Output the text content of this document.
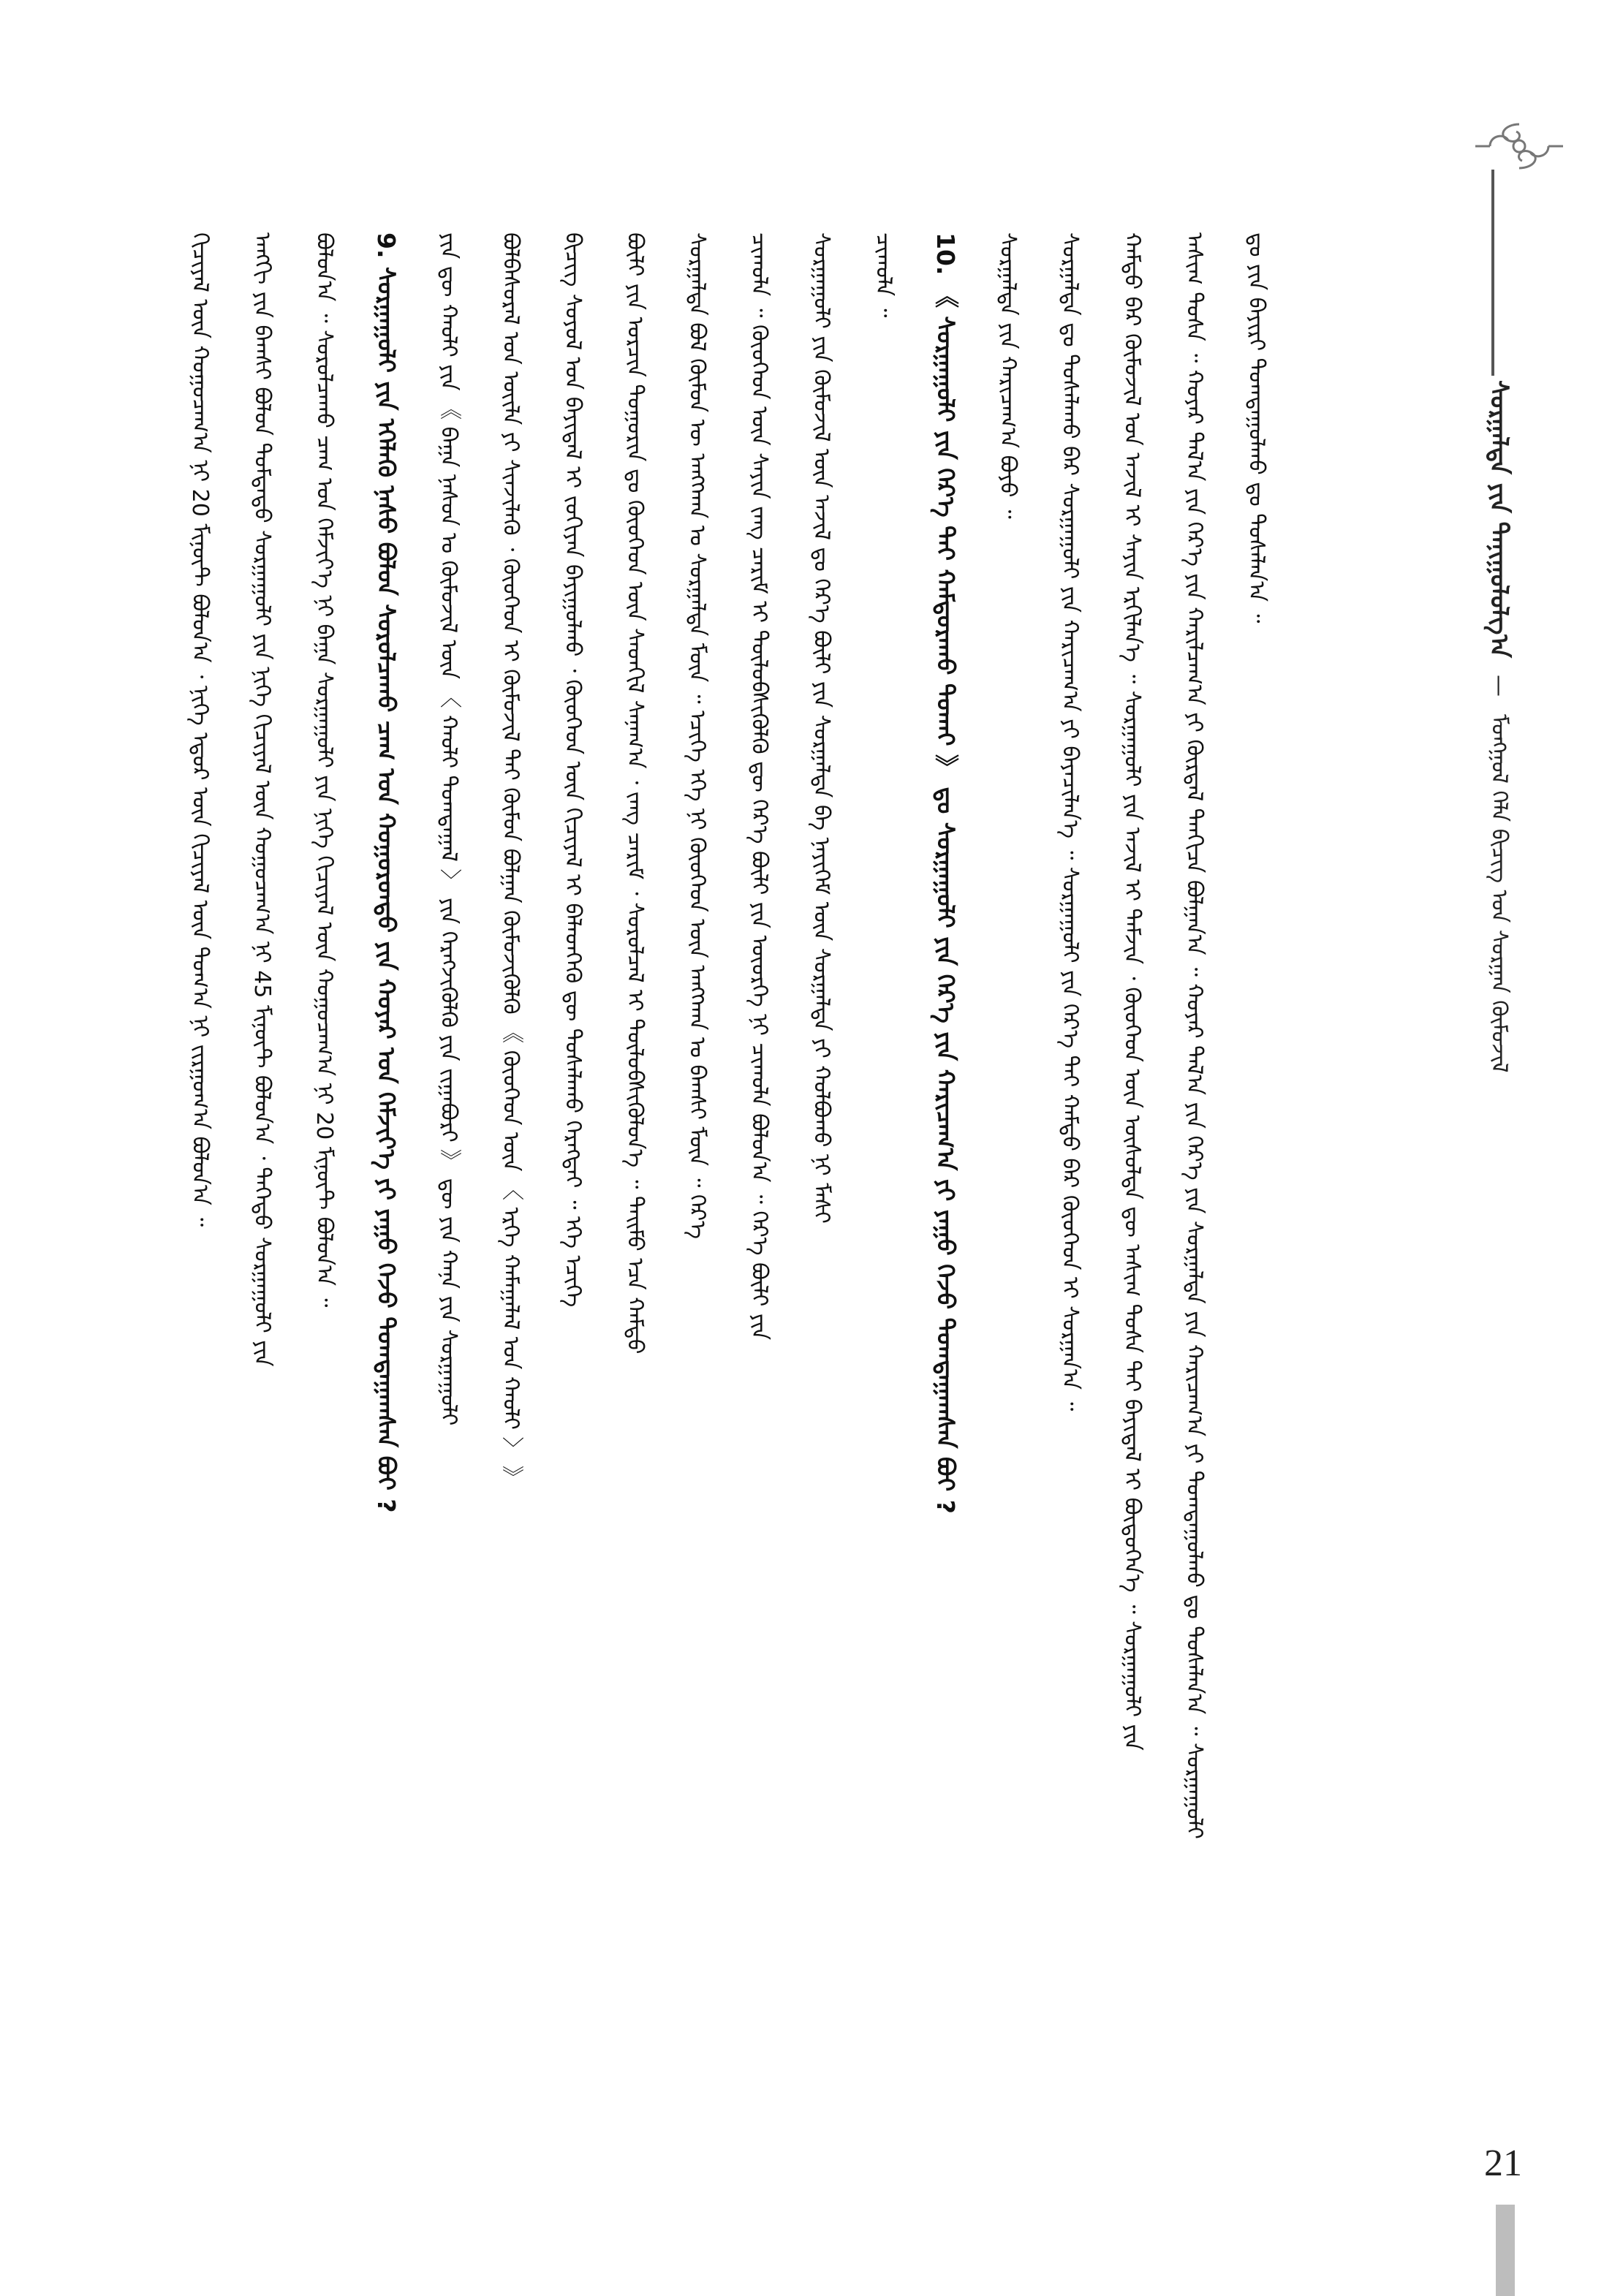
ᠰᠤᠷᠭᠠᠯᠲᠠ ᠶᠢᠨ ᠲᠠᠨᠢᠭᠤᠯᠤᠯᠭ᠎ᠠ — ᠮᠣᠩᠭᠣᠯ ᠬᠡᠯᠡ ᠪᠢᠴᠢᠭ ᠤᠨ ᠰᠤᠷᠭᠠᠨ ᠬᠦᠮᠦᠵᠢᠯ
ᠳᠤ ᠶᠢᠨ ᠪᠠᠶᠢᠷᠢ ᠲᠣᠭᠲᠠᠭᠤᠯᠬᠤ ᠳᠤ ᠲᠤᠰᠠᠯᠠᠨ᠎ᠠ ᠃
ᠠᠰᠢᠭ ᠲᠤᠰᠠ ᠃ ᠬᠣᠶᠠᠷ ᠲᠠᠯ᠎ᠠ ᠶᠢᠨ ᠭᠡᠷ᠎ᠡ ᠶᠢᠨ ᠬᠠᠷᠢᠯᠴᠠᠭ᠎ᠠ ᠶᠢ ᠬᠦᠷᠳᠡᠯ ᠲᠡᠨᠭᠢᠴᠡ ᠪᠣᠯᠭᠠᠨ᠎ᠠ ᠃ ᠬᠣᠶᠠᠷ ᠲᠠᠯ᠎ᠠ ᠶᠢᠨ ᠭᠡᠷ᠎ᠡ ᠶᠢᠨ ᠰᠤᠷᠭᠠᠯᠲᠠ ᠶᠢᠨ ᠬᠠᠷᠢᠴᠠᠭ᠎ᠠ ᠶᠢ ᠲᠣᠭᠲᠠᠭᠤᠯᠬᠤ ᠳᠤ ᠲᠤᠰᠠᠯᠠᠨ᠎ᠠ ᠃ ᠰᠤᠷᠭᠠᠭᠤᠯᠢ
ᠬᠠᠮᠲᠤ ᠪᠠᠷ ᠬᠦᠮᠦᠵᠢᠯ ᠤᠨ ᠠᠵᠢᠯ ᠢ ᠰᠠᠶᠢᠨ ᠡᠷᠬᠢᠯᠡᠨ᠎ᠡ ᠃ ᠰᠤᠷᠭᠠᠭᠤᠯᠢ ᠶᠢᠨ ᠠᠵᠢᠯ ᠢ ᠳᠡᠮᠵᠢᠨ ᠂ ᠬᠦᠦᠬᠡᠳ ᠦᠨ ᠥᠰᠦᠯᠲᠡ ᠳᠦ ᠠᠰᠢᠭ ᠲᠤᠰᠠ ᠲᠠᠶ ᠪᠠᠶᠢᠳᠠᠯ ᠢ ᠪᠦᠲᠦᠭᠡᠨ᠎ᠡ ᠃ ᠰᠤᠷᠭᠠᠭᠤᠯᠢ ᠶᠢᠨ
ᠰᠤᠷᠭᠠᠯᠲᠠ ᠳᠤ ᠲᠤᠰᠠᠯᠠᠬᠤ ᠪᠡᠷ ᠰᠤᠷᠭᠠᠭᠤᠯᠢ ᠶᠢᠨ ᠬᠠᠷᠢᠴᠠᠭ᠎ᠠ ᠶᠢ ᠪᠡᠶᠡᠴᠢᠯᠡᠨ᠎ᠡ ᠃ ᠰᠤᠷᠭᠠᠭᠤᠯᠢ ᠶᠢᠨ ᠭᠡᠷ᠎ᠡ ᠲᠡᠢ ᠬᠠᠮᠲᠤ ᠪᠡᠷ ᠬᠦᠦᠬᠡᠳ ᠢ ᠰᠤᠷᠭᠠᠨ᠎ᠠ ᠃
ᠰᠤᠷᠭᠠᠯᠲᠠ ᠶᠢᠨ ᠬᠠᠷᠢᠴᠠᠭ᠎ᠠ ᠪᠤᠶᠤ ᠃
10. 《 ᠰᠤᠷᠭᠠᠭᠤᠯᠢ ᠶᠢᠨ ᠭᠡᠷ᠎ᠡ ᠲᠡᠢ ᠬᠠᠮᠲᠤᠷᠠᠬᠤ ᠲᠤᠬᠠᠢ 》 ᠳᠤ ᠰᠤᠷᠭᠠᠭᠤᠯᠢ ᠶᠢᠨ ᠭᠡᠷ᠎ᠡ ᠶᠢᠨ ᠬᠠᠷᠢᠴᠠᠭ᠎ᠠ ᠶᠢ ᠶᠠᠭᠤ ᠭᠡᠵᠦ ᠲᠣᠭᠲᠠᠭᠠᠭᠰᠠᠨ ᠪᠤᠢ ?
ᠴᠢᠬᠤᠯᠠ ᠃
ᠰᠤᠷᠭᠠᠭᠤᠯᠢ ᠶᠢᠨ ᠬᠦᠮᠦᠵᠢᠯ ᠦᠨ ᠠᠵᠢᠯ ᠳᠤ ᠭᠡᠷ᠎ᠡ ᠪᠦᠯᠢ ᠶᠢᠨ ᠰᠤᠷᠭᠠᠯᠲᠠ ᠪᠠ ᠨᠡᠶᠢᠭᠡᠮ ᠦᠨ ᠰᠤᠷᠭᠠᠯᠲᠠ ᠶᠢ ᠬᠣᠯᠪᠣᠬᠤ ᠨᠢ ᠮᠠᠰᠢ
ᠴᠢᠬᠤᠯᠠ ᠃ ᠬᠦᠦᠬᠡᠳ ᠦᠨ ᠰᠠᠶᠢᠨ ᠵᠠᠩ ᠴᠠᠷᠢᠮ ᠢ ᠲᠥᠯᠥᠪᠰᠢᠭᠦᠯᠬᠦ ᠳᠦ ᠭᠡᠷ᠎ᠡ ᠪᠦᠯᠢ ᠶᠢᠨ ᠦᠦᠷᠭᠡ ᠨᠢ ᠴᠢᠬᠤᠯᠠ ᠪᠣᠯᠤᠨ᠎ᠠ ᠃ ᠭᠡᠷ᠎ᠡ ᠪᠦᠯᠢ ᠶᠢᠨ
ᠰᠤᠷᠭᠠᠯᠲᠠ ᠪᠣᠯ ᠬᠦᠮᠦᠨ ᠦ ᠠᠩᠭᠬᠠᠨ ᠤ ᠰᠤᠷᠭᠠᠯᠲᠠ ᠮᠥᠨ ᠃ ᠡᠴᠢᠭᠡ ᠡᠬᠡ ᠨᠢ ᠬᠦᠦᠬᠡᠳ ᠦᠨ ᠠᠩᠭᠬᠠᠨ ᠤ ᠪᠠᠭᠰᠢ ᠮᠥᠨ ᠃ ᠭᠡᠷ᠎ᠡ
ᠪᠦᠯᠢ ᠶᠢᠨ ᠣᠷᠴᠢᠨ ᠲᠣᠭᠣᠷᠢᠨ ᠳᠤ ᠬᠦᠦᠬᠡᠳ ᠦᠨ ᠰᠡᠳᠬᠢᠯ ᠰᠠᠨᠠᠭ᠎ᠠ ᠂ ᠵᠠᠩ ᠴᠠᠷᠢᠮ ᠂ ᠰᠤᠷᠤᠯᠴᠠᠯ ᠢ ᠲᠥᠯᠥᠪᠰᠢᠭᠦᠯᠦᠨ᠎ᠡ ᠃ ᠲᠡᠢᠮᠦ ᠡᠴᠡ ᠬᠠᠮᠲᠤ
ᠪᠢᠴᠢᠭ ᠰᠣᠶᠣᠯ ᠤᠨ ᠪᠠᠶᠢᠳᠠᠯ ᠢ ᠵᠣᠬᠢᠶᠠᠨ ᠪᠠᠶᠢᠭᠤᠯᠬᠤ ᠂ ᠬᠦᠦᠬᠡᠳ ᠦᠨ ᠬᠢᠴᠢᠶᠡᠯ ᠢ ᠪᠡᠯᠡᠳᠬᠡᠬᠦ ᠳᠦ ᠲᠤᠰᠠᠯᠠᠬᠤ ᠬᠡᠷᠡᠭᠲᠡᠢ ᠃ ᠡᠬᠡ ᠡᠴᠢᠭᠡ
ᠪᠣᠯᠪᠠᠰᠤᠷᠠᠯ ᠤᠨ ᠦᠢᠯᠡ ᠶᠢ ᠰᠢᠨᠵᠢᠯᠡᠬᠦ ᠂ ᠬᠦᠦᠬᠡᠳ ᠢ ᠬᠦᠮᠦᠵᠢᠯ ᠲᠡᠢ ᠬᠦᠮᠦᠨ ᠪᠣᠯᠭᠠᠨ ᠬᠥᠮᠦᠵᠢᠭᠦᠯᠬᠦ 《 ᠬᠦᠦᠬᠡᠳ ᠦᠨ 〈 ᠡᠷᠬᠡ ᠬᠠᠮᠠᠭᠠᠯᠠᠯ ᠤᠨ ᠬᠠᠤᠯᠢ 〉 》
ᠶᠢᠨ ᠳᠦ ᠬᠠᠤᠯᠢ ᠶᠢᠨ 《 ᠪᠠᠭᠠ ᠨᠠᠰᠤᠨ ᠤ ᠬᠥᠮᠦᠵᠢᠯ ᠦᠨ 〈 ᠬᠠᠤᠯᠢ ᠲᠣᠭᠲᠠᠭᠠᠯ 〉 ᠶᠢᠨ ᠬᠡᠷᠡᠭᠵᠢᠭᠦᠯᠬᠦ ᠶᠢᠨ ᠵᠢᠭᠠᠪᠤᠷᠢ 》 ᠳᠦ ᠶᠢᠨ ᠬᠠᠨᠠ ᠶᠢᠨ ᠰᠤᠷᠭᠠᠭᠤᠯᠢ
9. ᠰᠤᠷᠭᠠᠭᠤᠯᠢ ᠶᠢᠨ ᠡᠬᠡᠯᠡᠬᠦ ᠨᠠᠰᠤ ᠪᠣᠯᠤᠨ ᠰᠤᠷᠤᠯᠴᠠᠬᠤ ᠴᠠᠭ ᠤᠨ ᠬᠣᠭᠣᠷᠣᠨᠳᠣ ᠶᠢᠨ ᠬᠣᠶᠠᠷ ᠤᠨ ᠬᠡᠮᠵᠢᠶ᠎ᠡ ᠶᠢ ᠶᠠᠭᠤ ᠭᠡᠵᠦ ᠲᠣᠭᠲᠠᠭᠠᠭᠰᠠᠨ ᠪᠤᠢ ?
ᠪᠣᠯᠤᠨ᠎ᠠ ᠃ ᠰᠤᠷᠤᠯᠴᠠᠬᠤ ᠴᠠᠭ ᠤᠨ ᠬᠡᠮᠵᠢᠶ᠎ᠡ ᠨᠢ ᠪᠠᠭᠠ ᠰᠤᠷᠭᠠᠭᠤᠯᠢ ᠶᠢᠨ ᠨᠢᠭᠡ ᠬᠢᠴᠢᠶᠡᠯ ᠦᠨ ᠬᠤᠭᠤᠴᠠᠭ᠎ᠠ ᠨᠢ 20 ᠮᠢᠨᠦ᠋ᠲ ᠪᠣᠯᠤᠨ᠎ᠠ ᠃
ᠠᠩᠭᠢ ᠶᠢᠨ ᠪᠠᠭᠰᠢ ᠪᠣᠯᠤᠨ ᠳᠤᠮᠳᠠᠳᠤ ᠰᠤᠷᠭᠠᠭᠤᠯᠢ ᠶᠢᠨ ᠨᠢᠭᠡ ᠬᠢᠴᠢᠶᠡᠯ ᠦᠨ ᠬᠤᠭᠤᠴᠠᠭ᠎ᠠ ᠨᠢ 45 ᠮᠢᠨᠦ᠋ᠲ ᠪᠣᠯᠤᠨ᠎ᠠ ᠂ ᠳᠡᠭᠡᠳᠦ ᠰᠤᠷᠭᠠᠭᠤᠯᠢ ᠶᠢᠨ
ᠬᠢᠴᠢᠶᠡᠯ ᠦᠨ ᠬᠤᠭᠤᠴᠠᠭ᠎ᠠ ᠨᠢ 20 ᠮᠢᠨᠦ᠋ᠲ ᠪᠣᠯᠤᠨ᠎ᠠ ᠂ ᠨᠢᠭᠡ ᠡᠳᠦᠷ ᠦᠨ ᠬᠢᠴᠢᠶᠡᠯ ᠦᠨ ᠲᠣᠭ᠎ᠠ ᠨᠢ ᠵᠢᠷᠭᠤᠭ᠎ᠠ ᠪᠣᠯᠤᠨ᠎ᠠ ᠃
21
